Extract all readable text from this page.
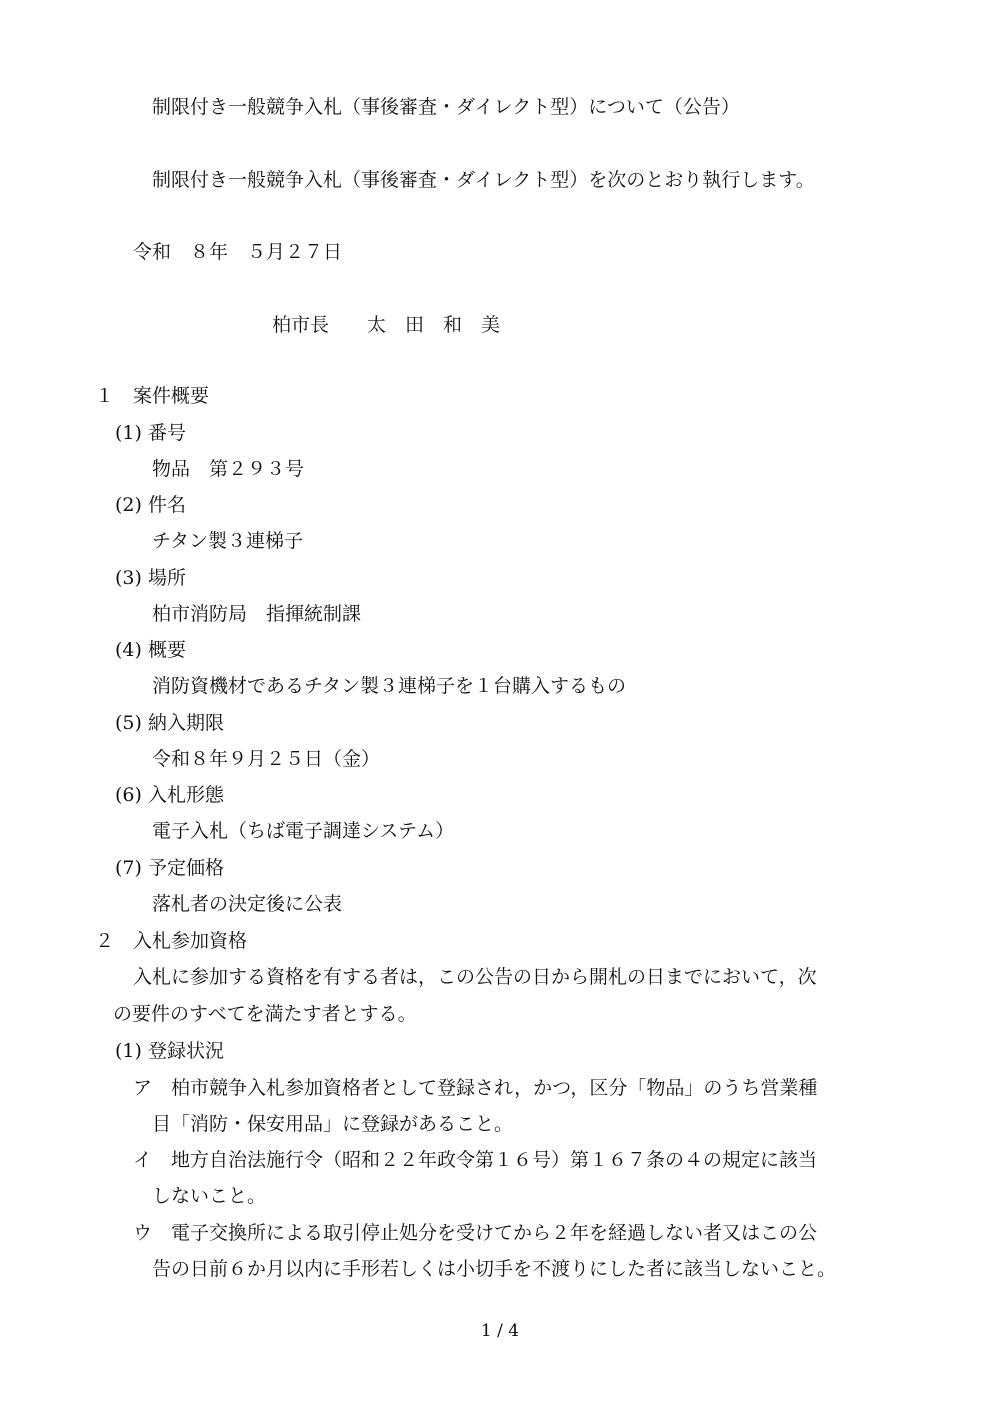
制限付き一般競争入札（事後審査・ダイレクト型）について（公告）
制限付き一般競争入札（事後審査・ダイレクト型）を次のとおり執行します。
令和　８年　５月２７日
柏市長　　太　田　和　美
１　案件概要
(1) 番号
物品　第２９３号
(2) 件名
チタン製３連梯子
(3) 場所
柏市消防局　指揮統制課
(4) 概要
消防資機材であるチタン製３連梯子を１台購入するもの
(5) 納入期限
令和８年９月２５日（金）
(6) 入札形態
電子入札（ちば電子調達システム）
(7) 予定価格
落札者の決定後に公表
２　入札参加資格
入札に参加する資格を有する者は，この公告の日から開札の日までにおいて，次
の要件のすべてを満たす者とする。
(1) 登録状況
ア　柏市競争入札参加資格者として登録され，かつ，区分「物品」のうち営業種
目「消防・保安用品」に登録があること。
イ　地方自治法施行令（昭和２２年政令第１６号）第１６７条の４の規定に該当
しないこと。
ウ　電子交換所による取引停止処分を受けてから２年を経過しない者又はこの公
告の日前６か月以内に手形若しくは小切手を不渡りにした者に該当しないこと。
1 / 4
